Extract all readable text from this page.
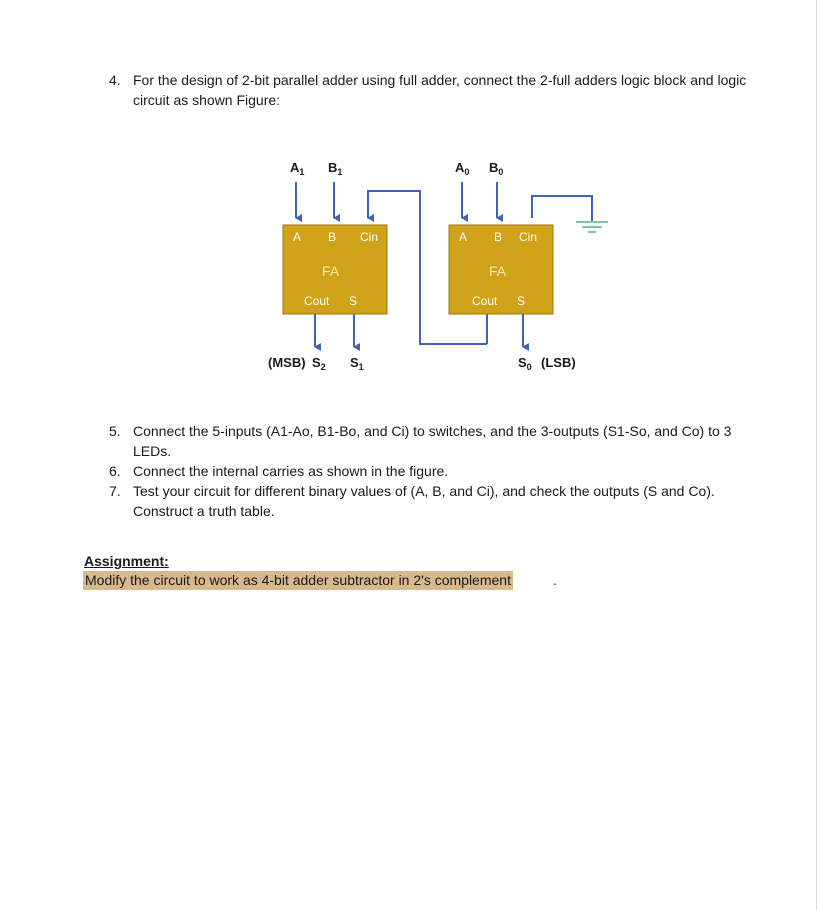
4. For the design of 2-bit parallel adder using full adder, connect the 2-full adders logic block and logic circuit as shown Figure:
$A_1$ $B_1$	$A_0$ $B_0$
A B Cin
FA
Cout S
A B Cin
FA
Cout S
(MSB) $S_2$ $S_1$	$S_0$ (LSB)
5. Connect the 5-inputs (A1-Ao, B1-Bo, and Ci) to switches, and the 3-outputs (S1-So, and Co) to 3 LEDs.
6. Connect the internal carries as shown in the figure.
7. Test your circuit for different binary values of (A, B, and Ci), and check the outputs (S and Co). Construct a truth table.
Assignment:
Modify the circuit to work as 4-bit adder subtractor in 2's complement	.
